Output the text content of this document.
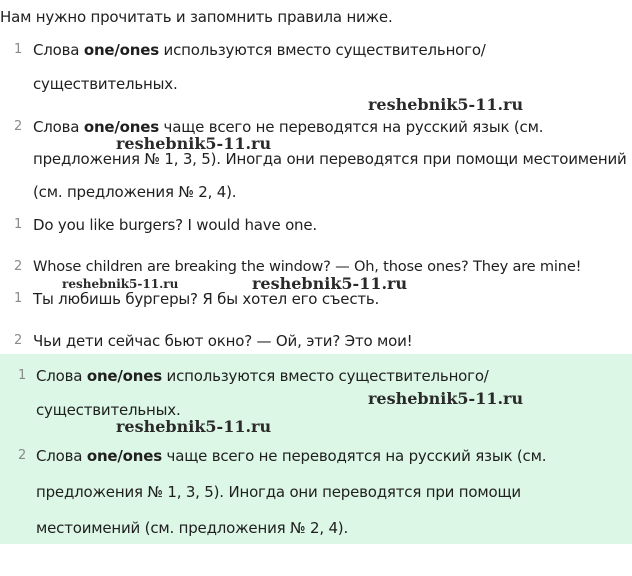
Нам нужно прочитать и запомнить правила ниже.
1 Слова one/ones используются вместо существительного/
существительных.
2 Слова one/ones чаще всего не переводятся на русский язык (см.
предложения № 1, 3, 5). Иногда они переводятся при помощи местоимений
(см. предложения № 2, 4).
1 Do you like burgers? I would have one.
2 Whose children are breaking the window? — Oh, those ones? They are mine!
1 Ты любишь бургеры? Я бы хотел его съесть.
2 Чьи дети сейчас бьют окно? — Ой, эти? Это мои!
1 Слова one/ones используются вместо существительного/
существительных.
2 Слова one/ones чаще всего не переводятся на русский язык (см.
предложения № 1, 3, 5). Иногда они переводятся при помощи
местоимений (см. предложения № 2, 4).
reshebnik5-11.ru
reshebnik5-11.ru
reshebnik5-11.ru	reshebnik5-11.ru
reshebnik5-11.ru
reshebnik5-11.ru
